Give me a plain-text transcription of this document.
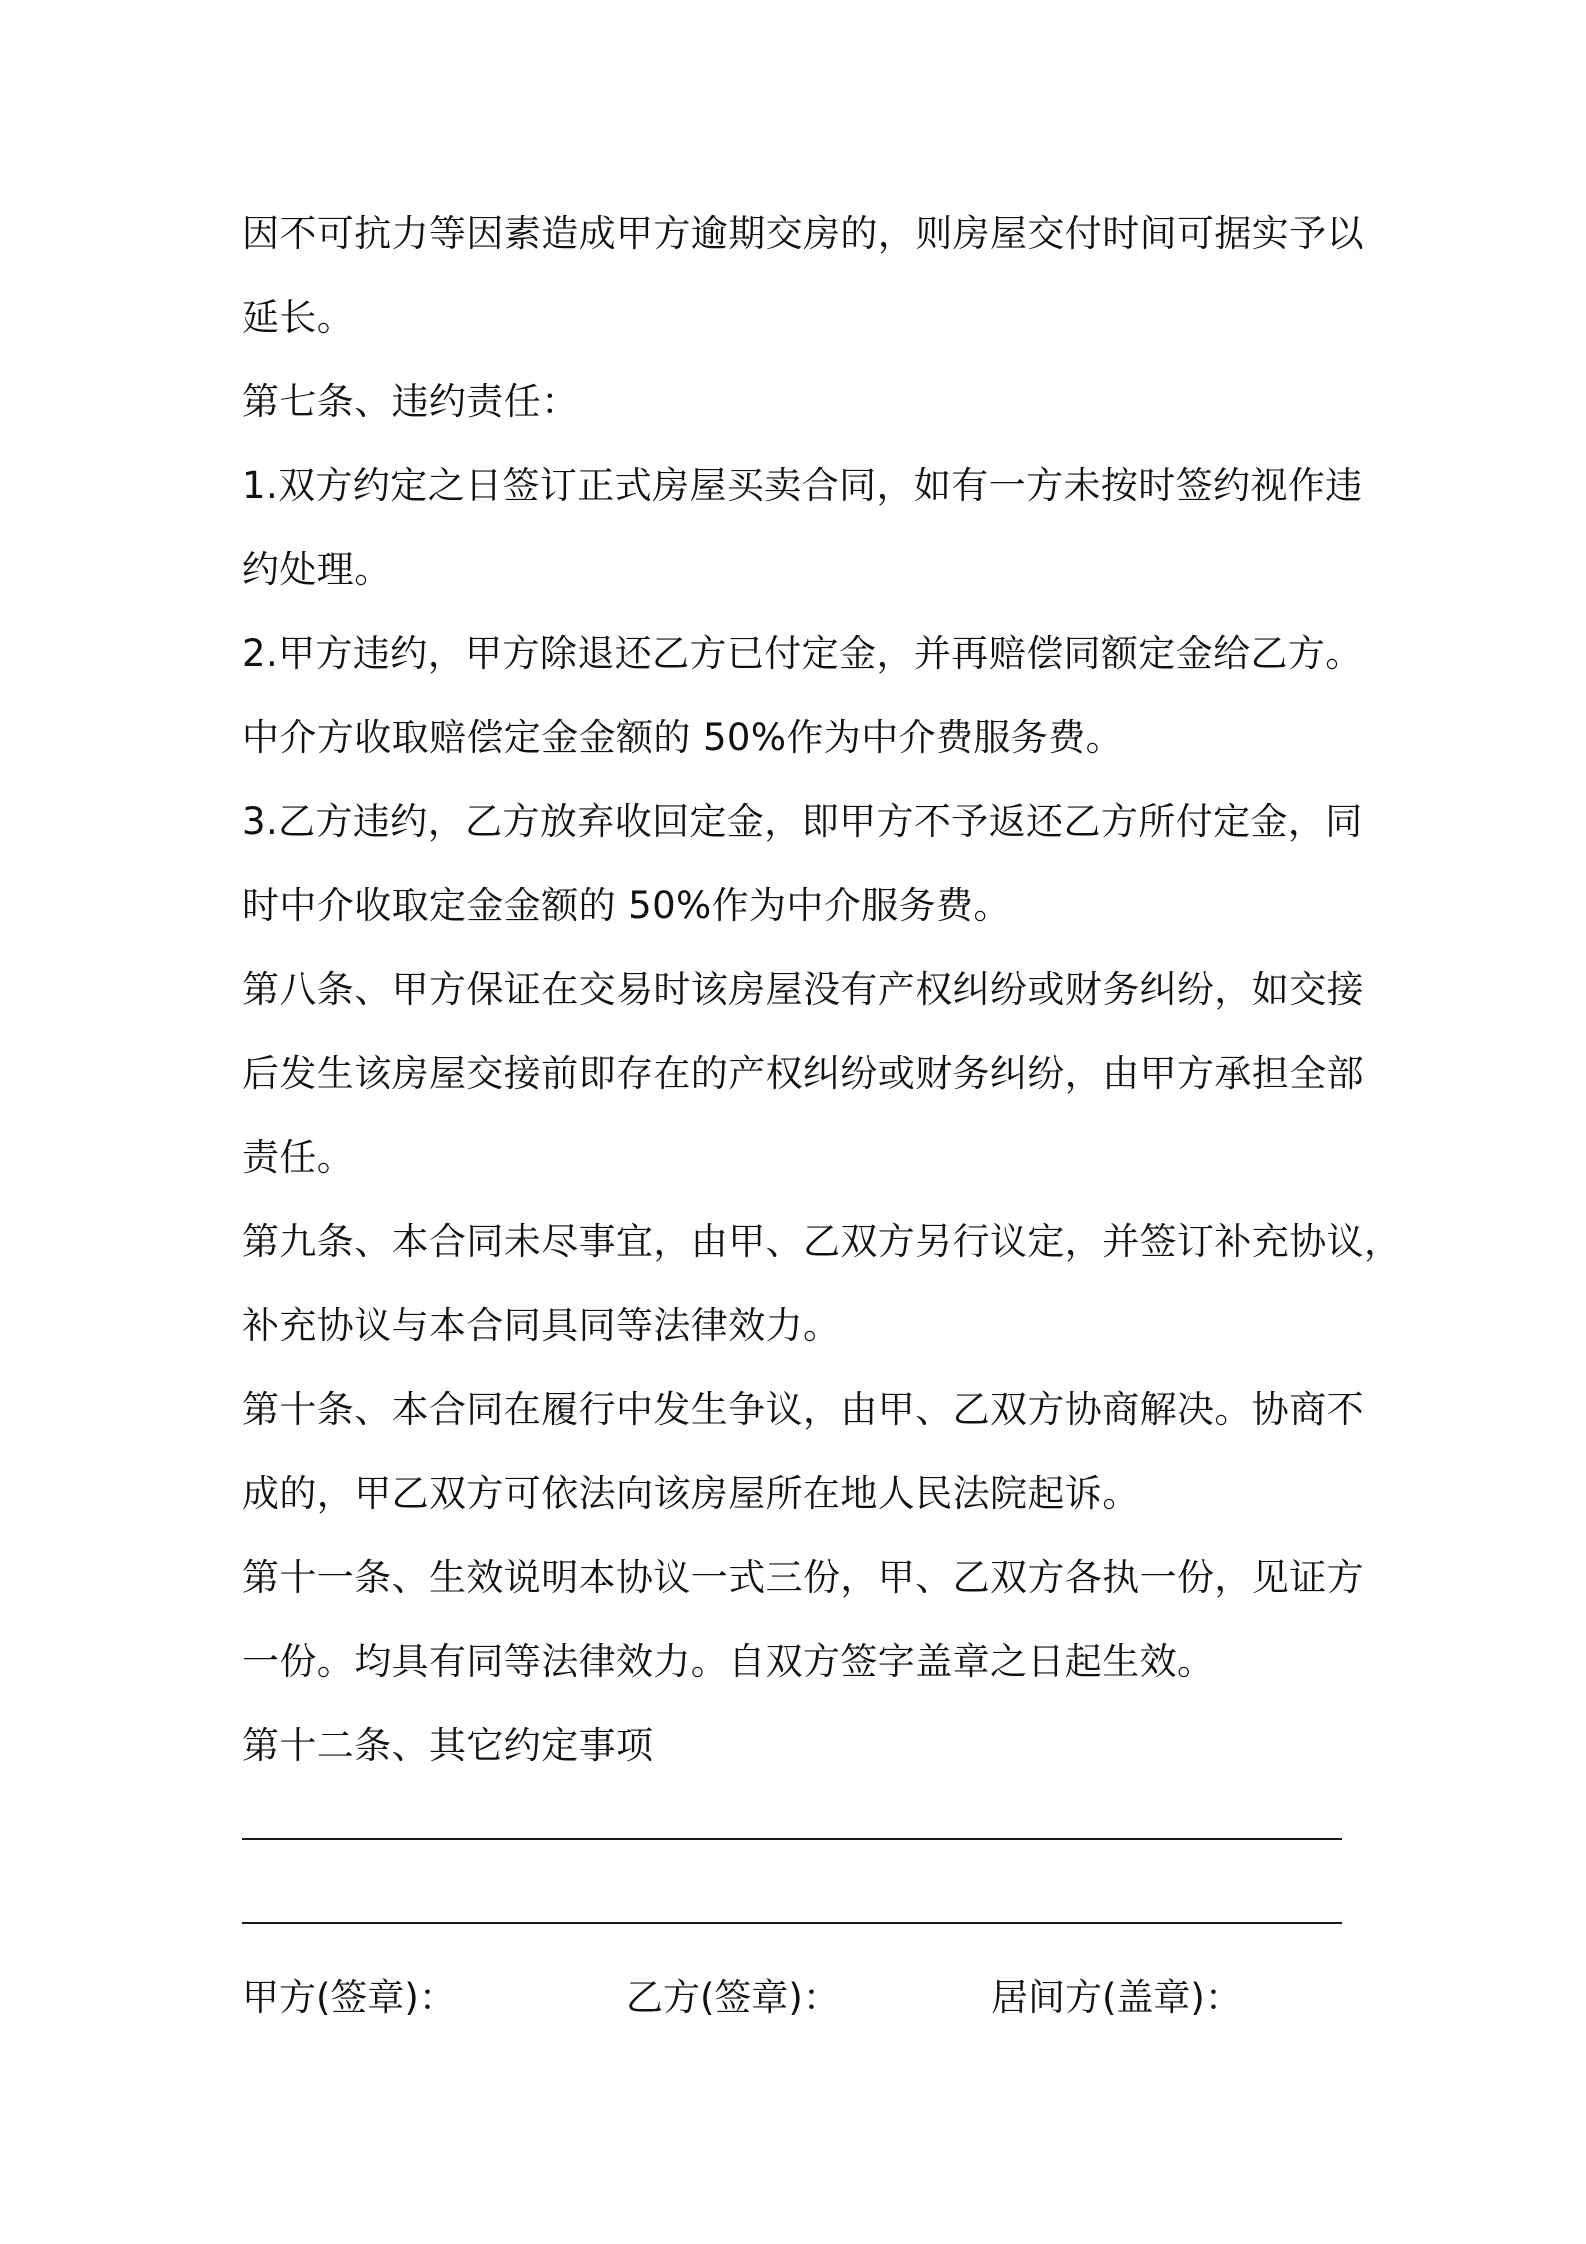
因不可抗力等因素造成甲方逾期交房的，则房屋交付时间可据实予以
延长。
第七条、违约责任：
1.双方约定之日签订正式房屋买卖合同，如有一方未按时签约视作违
约处理。
2.甲方违约，甲方除退还乙方已付定金，并再赔偿同额定金给乙方。
中介方收取赔偿定金金额的 50%作为中介费服务费。
3.乙方违约，乙方放弃收回定金，即甲方不予返还乙方所付定金，同
时中介收取定金金额的 50%作为中介服务费。
第八条、甲方保证在交易时该房屋没有产权纠纷或财务纠纷，如交接
后发生该房屋交接前即存在的产权纠纷或财务纠纷，由甲方承担全部
责任。
第九条、本合同未尽事宜，由甲、乙双方另行议定，并签订补充协议，
补充协议与本合同具同等法律效力。
第十条、本合同在履行中发生争议，由甲、乙双方协商解决。协商不
成的，甲乙双方可依法向该房屋所在地人民法院起诉。
第十一条、生效说明本协议一式三份，甲、乙双方各执一份，见证方
一份。均具有同等法律效力。自双方签字盖章之日起生效。
第十二条、其它约定事项
甲方(签章)：	乙方(签章)：	居间方(盖章)：
